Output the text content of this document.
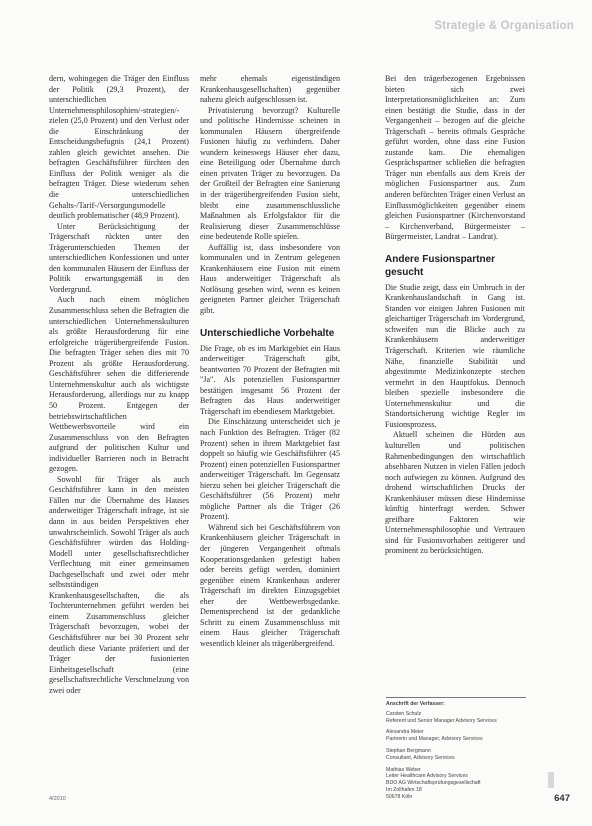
Strategie & Organisation

dern, wohingegen die Träger den Einfluss der Politik (29,3 Prozent), der unterschiedlichen Unternehmensphilosophien/-strategien/-zielen (25,0 Prozent) und den Verlust oder die Einschränkung der Entscheidungsbefugnis (24,1 Prozent) zahlen gleich gewichtet ansehen. Die befragten Geschäftsführer fürchten den Einfluss der Politik weniger als die befragten Träger. Diese wiederum sehen die unterschiedlichen Gehalts-/Tarif-/Versorgungsmodelle deutlich problematischer (48,9 Prozent).

Unter Berücksichtigung der Trägerschaft rückten unter den Trägerunterschieden Themen der unterschiedlichen Konfessionen und unter den kommunalen Häusern der Einfluss der Politik erwartungsgemäß in den Vordergrund.

Auch nach einem möglichen Zusammenschluss sehen die Befragten die unterschiedlichen Unternehmenskulturen als größte Herausforderung für eine erfolgreiche trägerübergreifende Fusion. Die befragten Träger sehen dies mit 70 Prozent als größte Herausforderung. Geschäftsführer sehen die differierende Unternehmenskultur auch als wichtigste Herausforderung, allerdings nur zu knapp 50 Prozent. Entgegen der betriebswirtschaftlichen Wettbewerbsvorteile wird ein Zusammenschluss von den Befragten aufgrund der politischen Kultur und individueller Barrieren noch in Betracht gezogen.

Sowohl für Träger als auch Geschäftsführer kann in den meisten Fällen nur die Übernahme des Hauses anderweitiger Trägerschaft infrage, ist sie dann in aus beiden Perspektiven eher unwahrscheinlich. Sowohl Träger als auch Geschäftsführer würden das Holding-Modell unter gesellschaftsrechtlicher Verflechtung mit einer gemeinsamen Dachgesellschaft und zwei oder mehr selbstständigen Krankenhausgesellschaften, die als Tochterunternehmen geführt werden bei einem Zusammenschluss gleicher Trägerschaft bevorzugen, wobei der Geschäftsführer nur bei 30 Prozent sehr deutlich diese Variante präferiert und der Träger der fusionierten Einheitsgesellschaft (eine gesellschaftsrechtliche Verschmelzung von zwei oder

mehr ehemals eigenständigen Krankenhausgesellschaften) gegenüber nahezu gleich aufgeschlossen ist.

Privatisierung bevorzugt? Kulturelle und politische Hindernisse scheinen in kommunalen Häusern übergreifende Fusionen häufig zu verhindern. Daher wundern keineswegs Häuser eher dazu, eine Beteiligung oder Übernahme durch einen privaten Träger zu bevorzugen. Da der Großteil der Befragten eine Sanierung in der trägerübergreifenden Fusion sieht, bleibt eine zusammenschlussliche Maßnahmen als Erfolgsfaktor für die Realisierung dieser Zusammenschlüsse eine bedeutende Rolle spielen.

Auffällig ist, dass insbesondere von kommunalen und in Zentrum gelegenen Krankenhäusern eine Fusion mit einem Haus anderweitiger Trägerschaft als Notlösung gesehen wird, wenn es keinen geeigneten Partner gleicher Trägerschaft gibt.

Unterschiedliche Vorbehalte

Die Frage, ob es im Marktgebiet ein Haus anderweitiger Trägerschaft gibt, beantworten 70 Prozent der Befragten mit "Ja". Als potenziellen Fusionspartner bestätigen insgesamt 56 Prozent der Befragten das Haus anderweitiger Trägerschaft im ebendiesem Marktgebiet.

Die Einschätzung unterscheidet sich je nach Funktion des Befragten. Träger (82 Prozent) sehen in ihrem Marktgebiet fast doppelt so häufig wie Geschäftsführer (45 Prozent) einen potenziellen Fusionspartner anderweitiger Trägerschaft. Im Gegensatz hierzu sehen bei gleicher Trägerschaft die Geschäftsführer (56 Prozent) mehr mögliche Partner als die Träger (26 Prozent).

Während sich bei Geschäftsführern von Krankenhäusern gleicher Trägerschaft in der jüngeren Vergangenheit oftmals Kooperationsgedanken gefestigt haben oder bereits gefügt werden, dominiert gegenüber einem Krankenhaus anderer Trägerschaft im direkten Einzugsgebiet eher der Wettbewerbsgedanke. Dementsprechend ist der gedankliche Schritt zu einem Zusammenschluss mit einem Haus gleicher Trägerschaft wesentlich kleiner als trägerübergreifend.

Bei den trägerbezogenen Ergebnissen bieten sich zwei Interpretationsmöglichkeiten an: Zum einen bestätigt die Studie, dass in der Vergangenheit – bezogen auf die gleiche Trägerschaft – bereits oftmals Gespräche geführt worden, ohne dass eine Fusion zustande kam. Die ehemaligen Gesprächspartner schließen die befragten Träger nun ebenfalls aus dem Kreis der möglichen Fusionspartner aus. Zum anderen befürchten Träger einen Verlust an Einflussmöglichkeiten gegenüber einem gleichen Fusionspartner (Kirchenvorstand – Kirchenverband, Bürgermeister – Bürgermeister, Landrat – Landrat).

Andere Fusionspartner gesucht

Die Studie zeigt, dass ein Umbruch in der Krankenhauslandschaft in Gang ist. Standen vor einigen Jahren Fusionen mit gleichartiger Trägerschaft im Vordergrund, schweifen nun die Blicke auch zu Krankenhäusern anderweitiger Trägerschaft. Kriterien wie räumliche Nähe, finanzielle Stabilität und abgestimmte Medizinkonzepte stechen vermehrt in den Hauptfokus. Dennoch bleiben spezielle insbesondere die Unternehmenskultur und die Standortsicherung wichtige Regler im Fusionsprozess.

Aktuell scheinen die Hürden aus kulturellen und politischen Rahmenbedingungen den wirtschaftlich absehbaren Nutzen in vielen Fällen jedoch noch aufwiegen zu können. Aufgrund des drohend wirtschaftlichen Drucks der Krankenhäuser müssen diese Hindernisse künftig hinterfragt werden. Schwer greifbare Faktoren wie Unternehmensphilosophie und Vertrauen sind für Fusionsvorhaben zeitigerer und prominent zu berücksichtigen.

Anschrift der Verfasser:
Carsten Schulz
Referent und Senior Manager Advisory Services
Alexandra Meier
Partnerin und Manager, Advisory Services
Stephan Bergmann
Consultant, Advisory Services
Mathias Weber
Leiter Healthcare Advisory Services
BDO AG Wirtschaftsprüfungsgesellschaft
Im Zollhafen 18
50678 Köln
4/2010	647
